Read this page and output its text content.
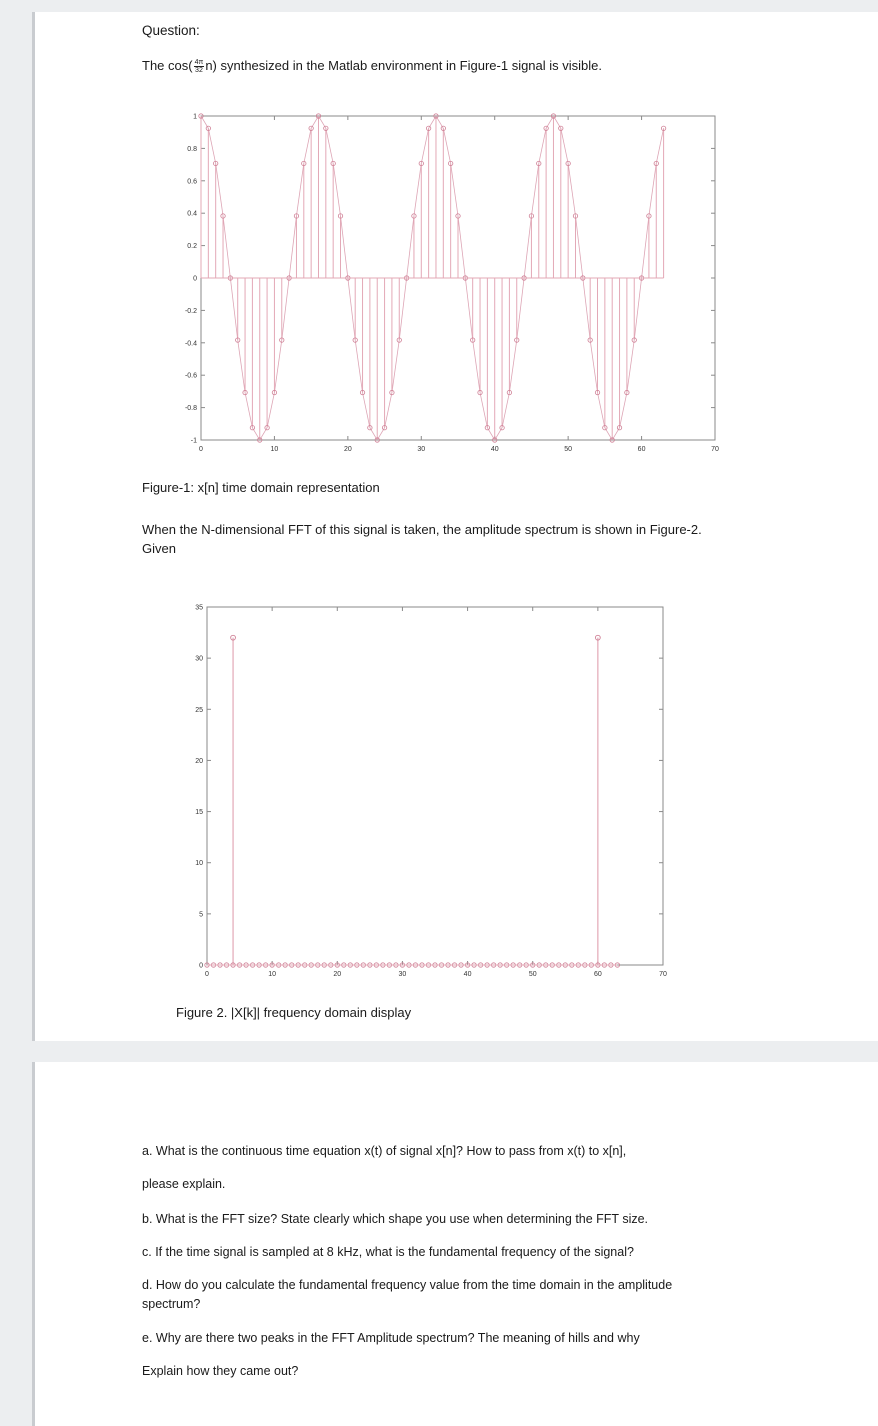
Question:
The $\cos( \frac{4\pi}{32} n)$ synthesized in the Matlab environment in Figure-1 signal is visible.
0	10	20	30	40	50	60	70
1
0.8
0.6
0.4
0.2
0
-0.2
-0.4
-0.6
-0.8
-1
Figure-1: x[n] time domain representation
When the N-dimensional FFT of this signal is taken, the amplitude spectrum is shown in Figure-2.
Given
0	10	20	30	40	50	60	70
35
30
25
20
15
10
5
0
Figure 2. |X[k]| frequency domain display
a. What is the continuous time equation x(t) of signal x[n]? How to pass from x(t) to x[n],
please explain.
b. What is the FFT size? State clearly which shape you use when determining the FFT size.
c. If the time signal is sampled at 8 kHz, what is the fundamental frequency of the signal?
d. How do you calculate the fundamental frequency value from the time domain in the amplitude
spectrum?
e. Why are there two peaks in the FFT Amplitude spectrum? The meaning of hills and why
Explain how they came out?
